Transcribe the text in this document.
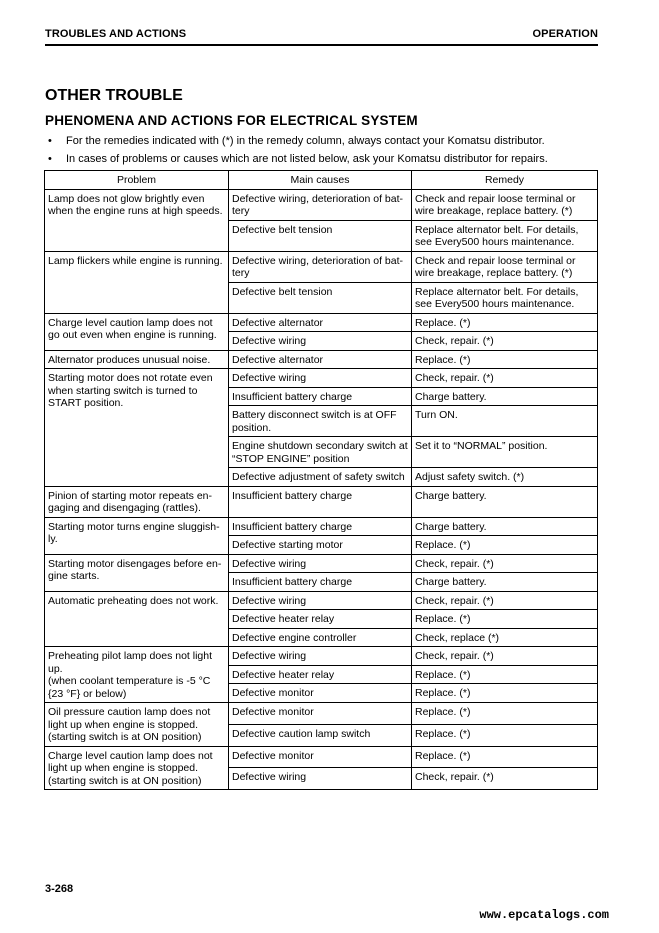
TROUBLES AND ACTIONS	OPERATION
OTHER TROUBLE
PHENOMENA AND ACTIONS FOR ELECTRICAL SYSTEM
• For the remedies indicated with (*) in the remedy column, always contact your Komatsu distributor.
• In cases of problems or causes which are not listed below, ask your Komatsu distributor for repairs.
Problem	Main causes	Remedy

Lamp does not glow brightly even when the engine runs at high speeds.	Defective wiring, deterioration of bat-tery	Check and repair loose terminal or wire breakage, replace battery. (*)
	Defective belt tension	Replace alternator belt. For details, see Every500 hours maintenance.

Lamp flickers while engine is running.	Defective wiring, deterioration of bat-tery	Check and repair loose terminal or wire breakage, replace battery. (*)
	Defective belt tension	Replace alternator belt. For details, see Every500 hours maintenance.

Charge level caution lamp does not go out even when engine is running.	Defective alternator	Replace. (*)
	Defective wiring	Check, repair. (*)

Alternator produces unusual noise.	Defective alternator	Replace. (*)

Starting motor does not rotate even when starting switch is turned to START position.	Defective wiring	Check, repair. (*)
	Insufficient battery charge	Charge battery.
	Battery disconnect switch is at OFF position.	Turn ON.
	Engine shutdown secondary switch at “STOP ENGINE” position	Set it to “NORMAL” position.
	Defective adjustment of safety switch	Adjust safety switch. (*)

Pinion of starting motor repeats en-gaging and disengaging (rattles).	Insufficient battery charge	Charge battery.

Starting motor turns engine sluggish-ly.	Insufficient battery charge	Charge battery.
	Defective starting motor	Replace. (*)

Starting motor disengages before en-gine starts.	Defective wiring	Check, repair. (*)
	Insufficient battery charge	Charge battery.

Automatic preheating does not work.	Defective wiring	Check, repair. (*)
	Defective heater relay	Replace. (*)
	Defective engine controller	Check, replace (*)

Preheating pilot lamp does not light up.
(when coolant temperature is -5 °C {23 °F} or below)	Defective wiring	Check, repair. (*)
	Defective heater relay	Replace. (*)
	Defective monitor	Replace. (*)

Oil pressure caution lamp does not light up when engine is stopped.
(starting switch is at ON position)	Defective monitor	Replace. (*)
	Defective caution lamp switch	Replace. (*)

Charge level caution lamp does not light up when engine is stopped.
(starting switch is at ON position)	Defective monitor	Replace. (*)
	Defective wiring	Check, repair. (*)
3-268
www.epcatalogs.com
